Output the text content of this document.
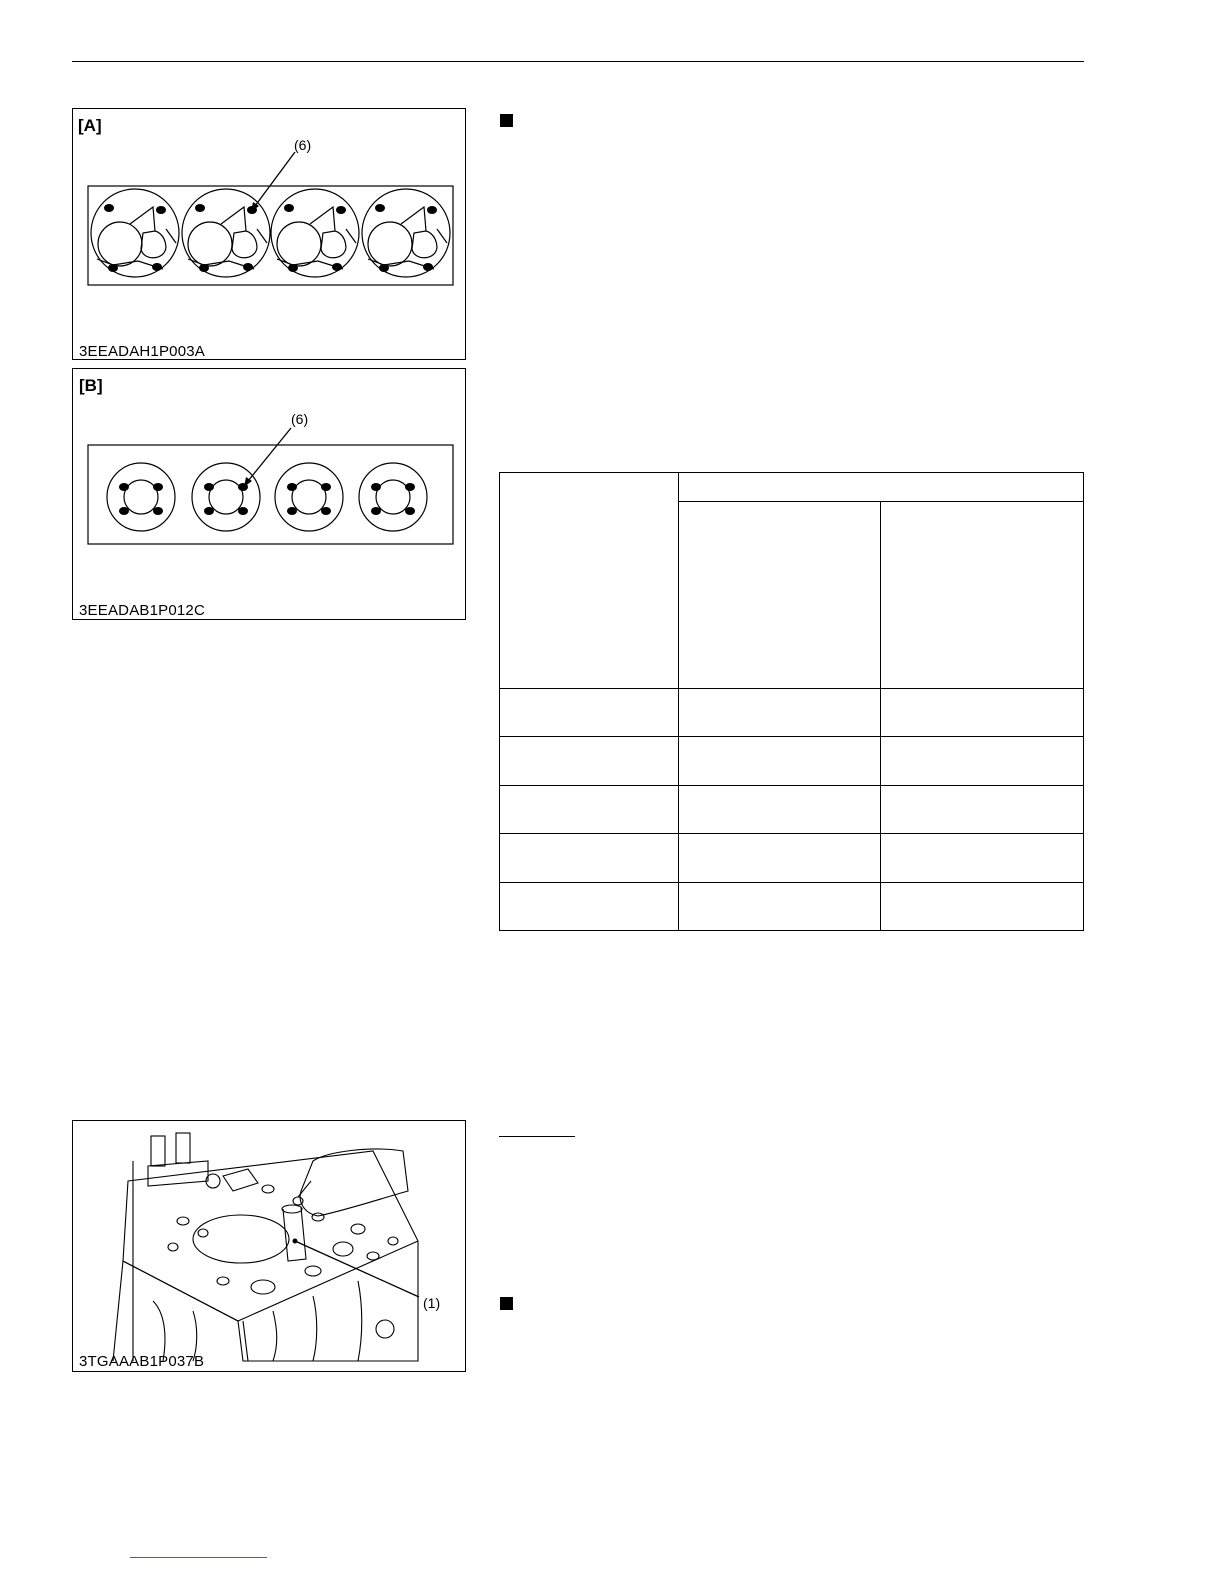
[A]
(6)
3EEADAH1P003A
[B]
(6)
3EEADAB1P012C
(1)
3TGAAAB1P037B
